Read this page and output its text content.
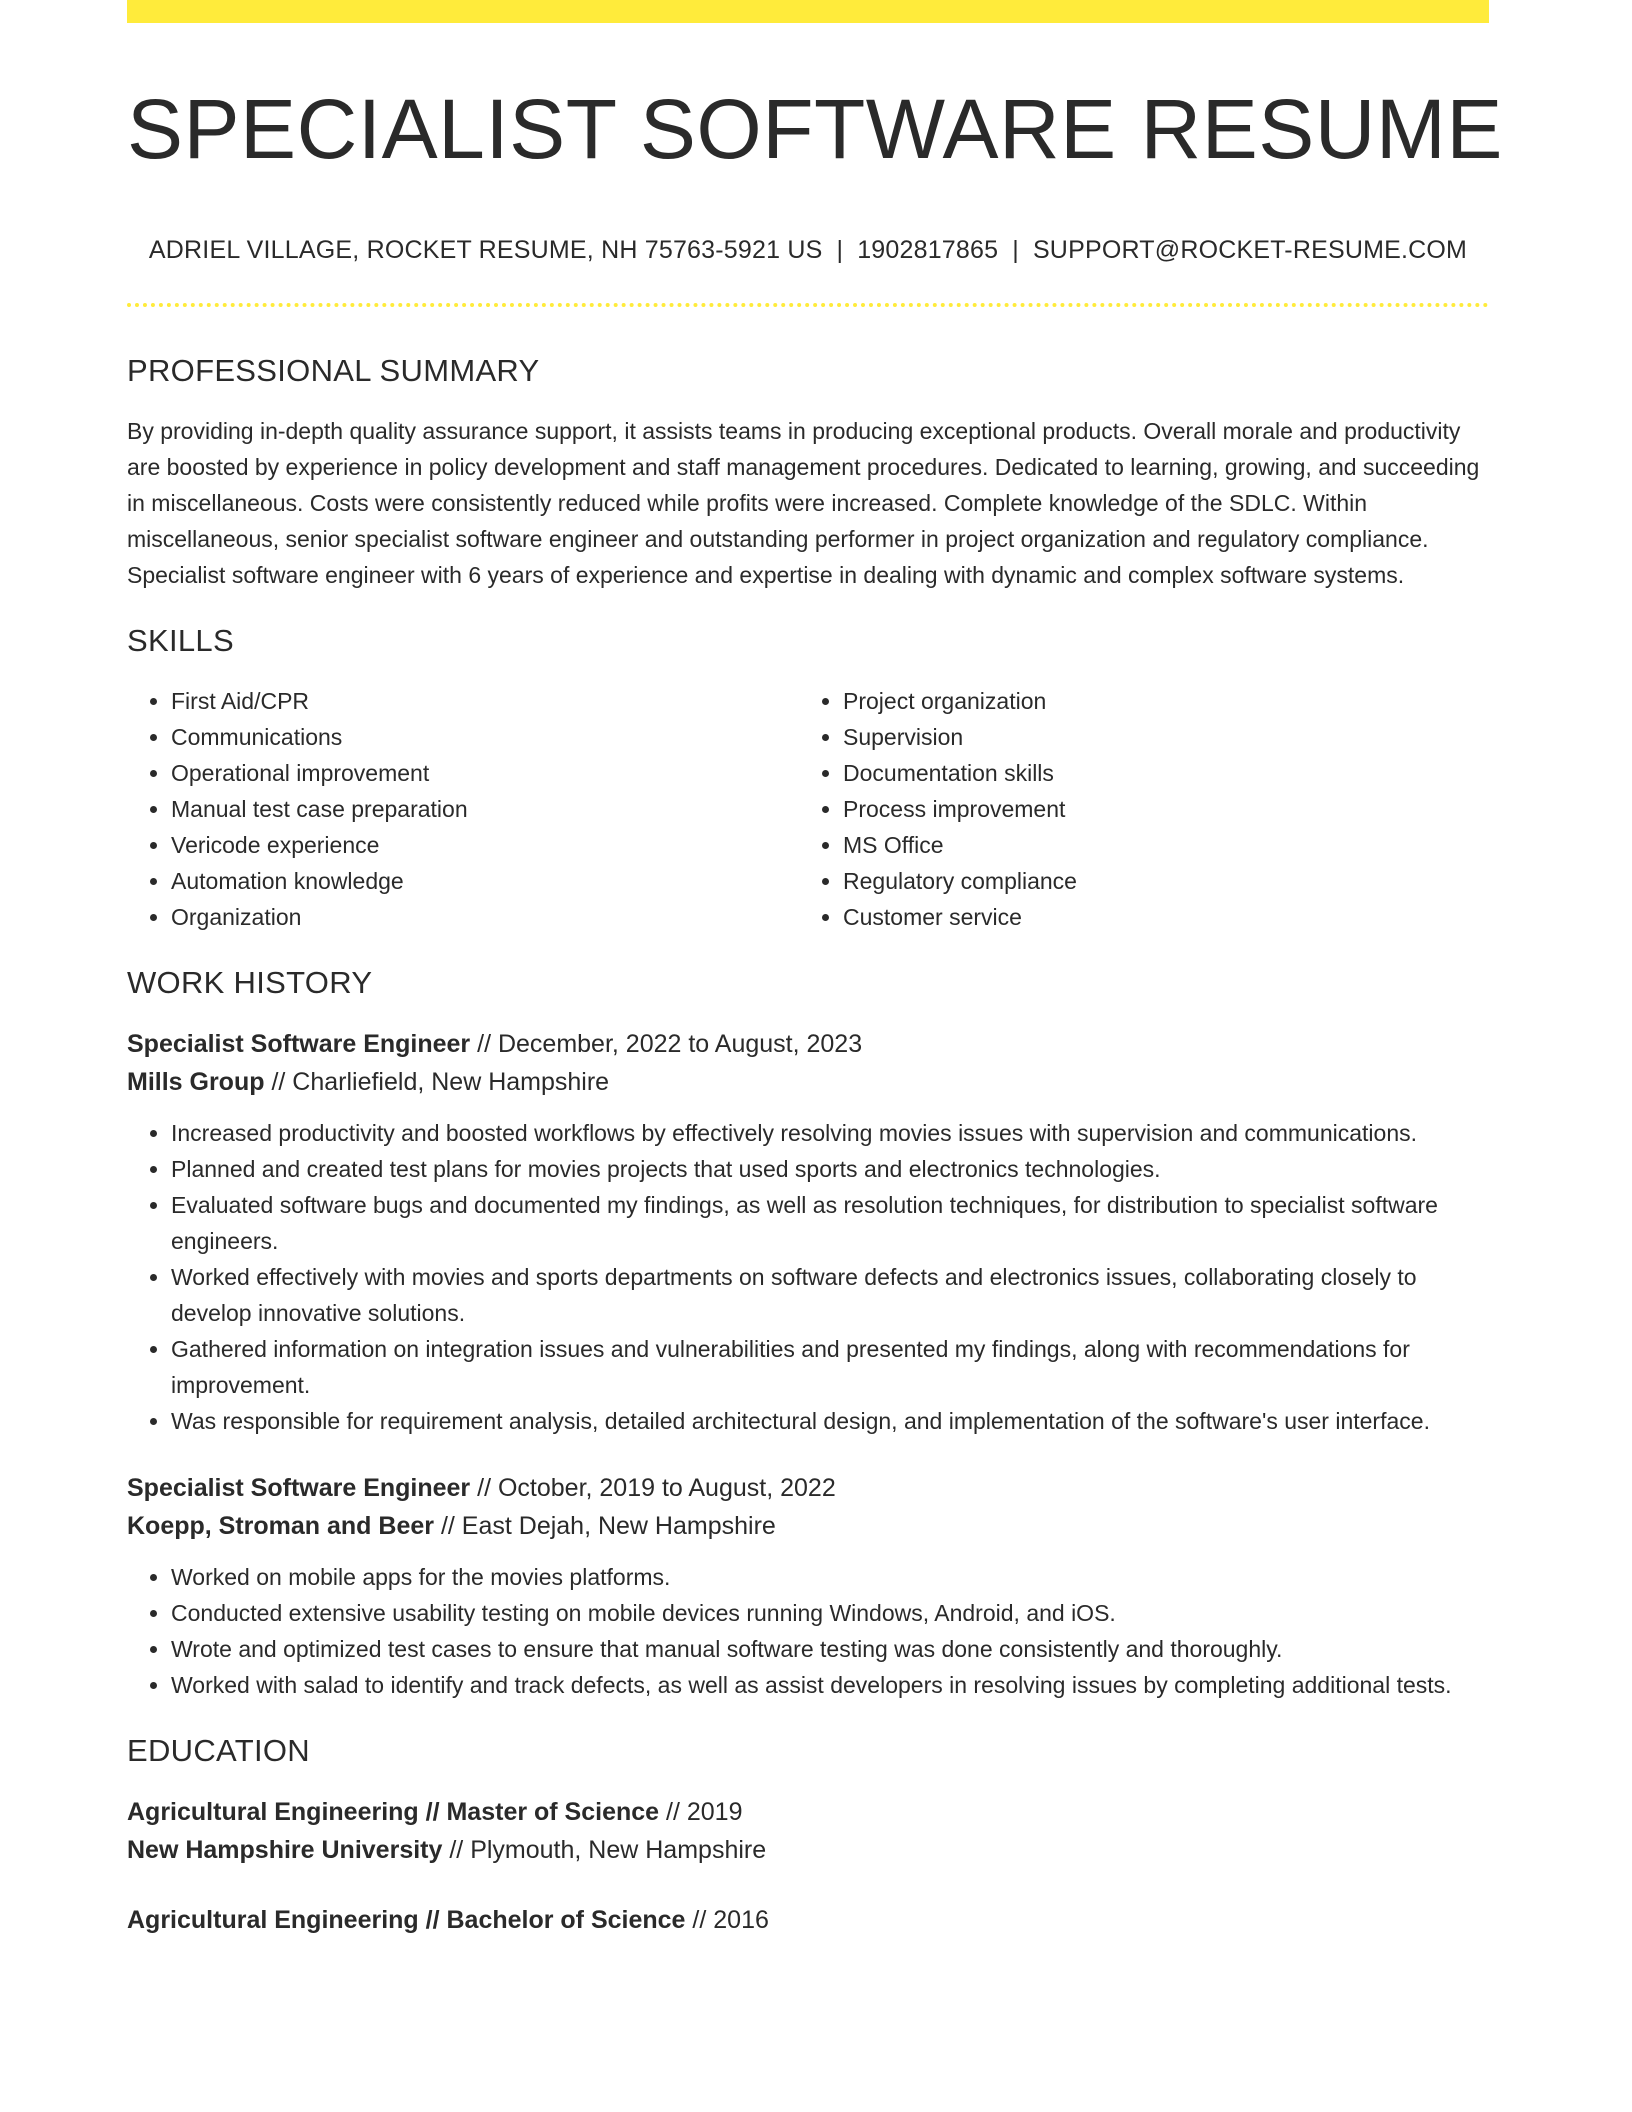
SPECIALIST SOFTWARE RESUME
ADRIEL VILLAGE, ROCKET RESUME, NH 75763-5921 US | 1902817865 | SUPPORT@ROCKET-RESUME.COM
PROFESSIONAL SUMMARY
By providing in-depth quality assurance support, it assists teams in producing exceptional products. Overall morale and productivity are boosted by experience in policy development and staff management procedures. Dedicated to learning, growing, and succeeding in miscellaneous. Costs were consistently reduced while profits were increased. Complete knowledge of the SDLC. Within miscellaneous, senior specialist software engineer and outstanding performer in project organization and regulatory compliance. Specialist software engineer with 6 years of experience and expertise in dealing with dynamic and complex software systems.
SKILLS
• First Aid/CPR
• Communications
• Operational improvement
• Manual test case preparation
• Vericode experience
• Automation knowledge
• Organization
• Project organization
• Supervision
• Documentation skills
• Process improvement
• MS Office
• Regulatory compliance
• Customer service
WORK HISTORY
Specialist Software Engineer // December, 2022 to August, 2023
Mills Group // Charliefield, New Hampshire
• Increased productivity and boosted workflows by effectively resolving movies issues with supervision and communications.
• Planned and created test plans for movies projects that used sports and electronics technologies.
• Evaluated software bugs and documented my findings, as well as resolution techniques, for distribution to specialist software engineers.
• Worked effectively with movies and sports departments on software defects and electronics issues, collaborating closely to develop innovative solutions.
• Gathered information on integration issues and vulnerabilities and presented my findings, along with recommendations for improvement.
• Was responsible for requirement analysis, detailed architectural design, and implementation of the software's user interface.
Specialist Software Engineer // October, 2019 to August, 2022
Koepp, Stroman and Beer // East Dejah, New Hampshire
• Worked on mobile apps for the movies platforms.
• Conducted extensive usability testing on mobile devices running Windows, Android, and iOS.
• Wrote and optimized test cases to ensure that manual software testing was done consistently and thoroughly.
• Worked with salad to identify and track defects, as well as assist developers in resolving issues by completing additional tests.
EDUCATION
Agricultural Engineering // Master of Science // 2019
New Hampshire University // Plymouth, New Hampshire
Agricultural Engineering // Bachelor of Science // 2016
